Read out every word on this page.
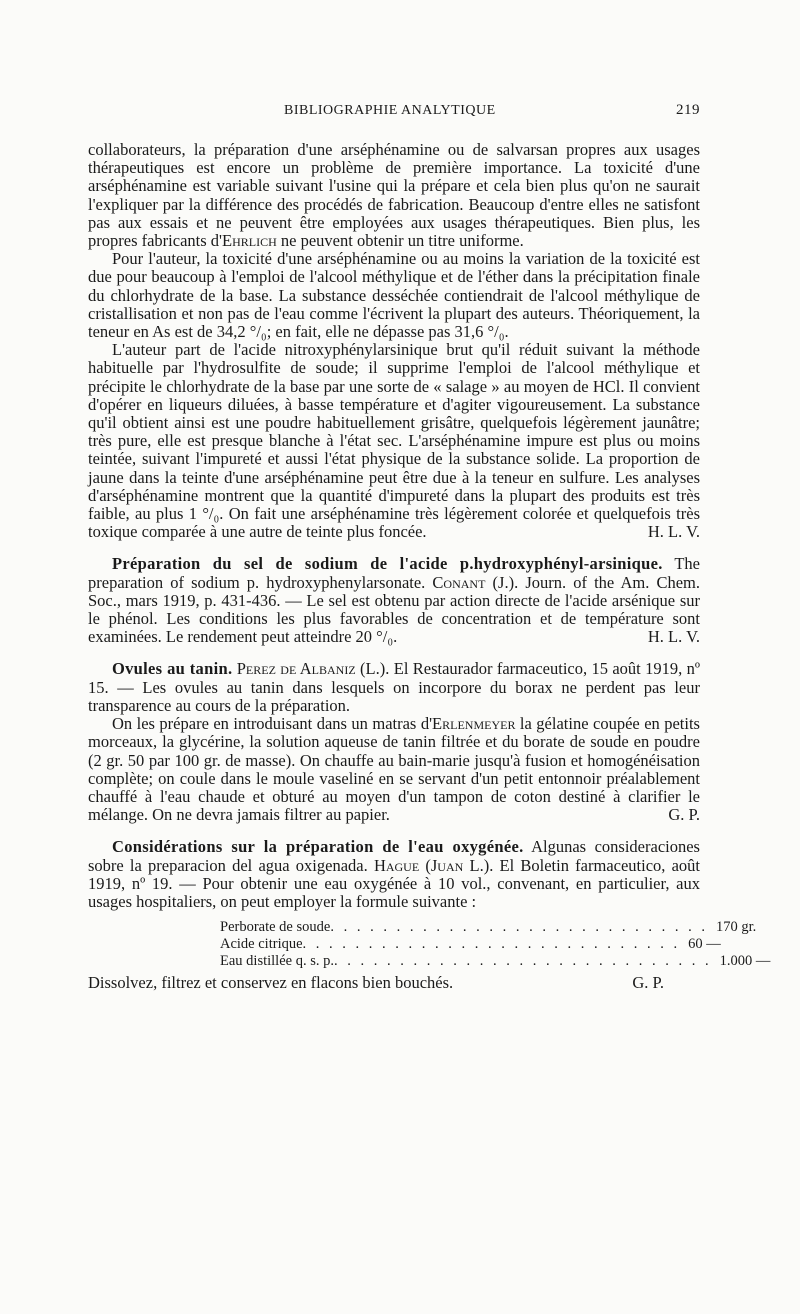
BIBLIOGRAPHIE ANALYTIQUE	219

collaborateurs, la préparation d'une arséphénamine ou de salvarsan propres aux usages thérapeutiques est encore un problème de première importance. La toxicité d'une arséphénamine est variable suivant l'usine qui la prépare et cela bien plus qu'on ne saurait l'expliquer par la différence des procédés de fabrication. Beaucoup d'entre elles ne satisfont pas aux essais et ne peuvent être employées aux usages thérapeutiques. Bien plus, les propres fabricants d'Ehrlich ne peuvent obtenir un titre uniforme.

Pour l'auteur, la toxicité d'une arséphénamine ou au moins la variation de la toxicité est due pour beaucoup à l'emploi de l'alcool méthylique et de l'éther dans la précipitation finale du chlorhydrate de la base. La substance desséchée contiendrait de l'alcool méthylique de cristallisation et non pas de l'eau comme l'écrivent la plupart des auteurs. Théoriquement, la teneur en As est de 34,2 °/₀; en fait, elle ne dépasse pas 31,6 °/₀.

L'auteur part de l'acide nitroxyphénylarsinique brut qu'il réduit suivant la méthode habituelle par l'hydrosulfite de soude; il supprime l'emploi de l'alcool méthylique et précipite le chlorhydrate de la base par une sorte de « salage » au moyen de HCl. Il convient d'opérer en liqueurs diluées, à basse température et d'agiter vigoureusement. La substance qu'il obtient ainsi est une poudre habituellement grisâtre, quelquefois légèrement jaunâtre; très pure, elle est presque blanche à l'état sec. L'arséphénamine impure est plus ou moins teintée, suivant l'impureté et aussi l'état physique de la substance solide. La proportion de jaune dans la teinte d'une arséphénamine peut être due à la teneur en sulfure. Les analyses d'arséphénamine montrent que la quantité d'impureté dans la plupart des produits est très faible, au plus 1 °/₀. On fait une arséphénamine très légèrement colorée et quelquefois très toxique comparée à une autre de teinte plus foncée.	H. L. V.

Préparation du sel de sodium de l'acide p.hydroxyphényl-arsinique. The preparation of sodium p. hydroxyphenylarsonate. Conant (J.). Journ. of the Am. Chem. Soc., mars 1919, p. 431-436. — Le sel est obtenu par action directe de l'acide arsénique sur le phénol. Les conditions les plus favorables de concentration et de température sont examinées. Le rendement peut atteindre 20 °/₀.	H. L. V.

Ovules au tanin. Perez de Albaniz (L.). El Restaurador farmaceutico, 15 août 1919, nº 15. — Les ovules au tanin dans lesquels on incorpore du borax ne perdent pas leur transparence au cours de la préparation.

On les prépare en introduisant dans un matras d'Erlenmeyer la gélatine coupée en petits morceaux, la glycérine, la solution aqueuse de tanin filtrée et du borate de soude en poudre (2 gr. 50 par 100 gr. de masse). On chauffe au bain-marie jusqu'à fusion et homogénéisation complète; on coule dans le moule vaseliné en se servant d'un petit entonnoir préalablement chauffé à l'eau chaude et obturé au moyen d'un tampon de coton destiné à clarifier le mélange. On ne devra jamais filtrer au papier.	G. P.

Considérations sur la préparation de l'eau oxygénée. Algunas consideraciones sobre la preparacion del agua oxigenada. Hague (Juan L.). El Boletin farmaceutico, août 1919, nº 19. — Pour obtenir une eau oxygénée à 10 vol., convenant, en particulier, aux usages hospitaliers, on peut employer la formule suivante :

Perborate de soude . . . . . . . . . . . . . . . . . . . . . . . . . . . . . 170 gr.
Acide citrique . . . . . . . . . . . . . . . . . . . . . . . . . . . . . 60 —
Eau distillée q. s. p. . . . . . . . . . . . . . . . . . . . . . . . . . . . . . 1.000 —
Dissolvez, filtrez et conservez en flacons bien bouchés.	G. P.
